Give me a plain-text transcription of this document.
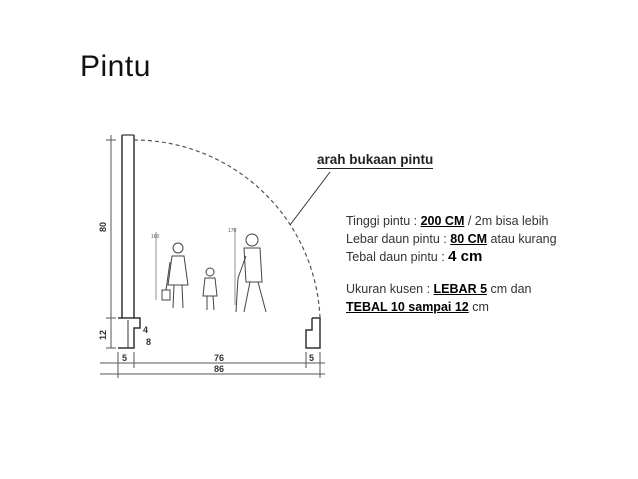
Pintu
80
12	4
8
5	76	5
86
160
170
arah bukaan pintu
Tinggi pintu : 200 CM / 2m bisa lebih
Lebar daun pintu : 80 CM atau kurang
Tebal daun pintu : 4 cm
Ukuran kusen : LEBAR 5 cm dan
TEBAL 10 sampai 12 cm
